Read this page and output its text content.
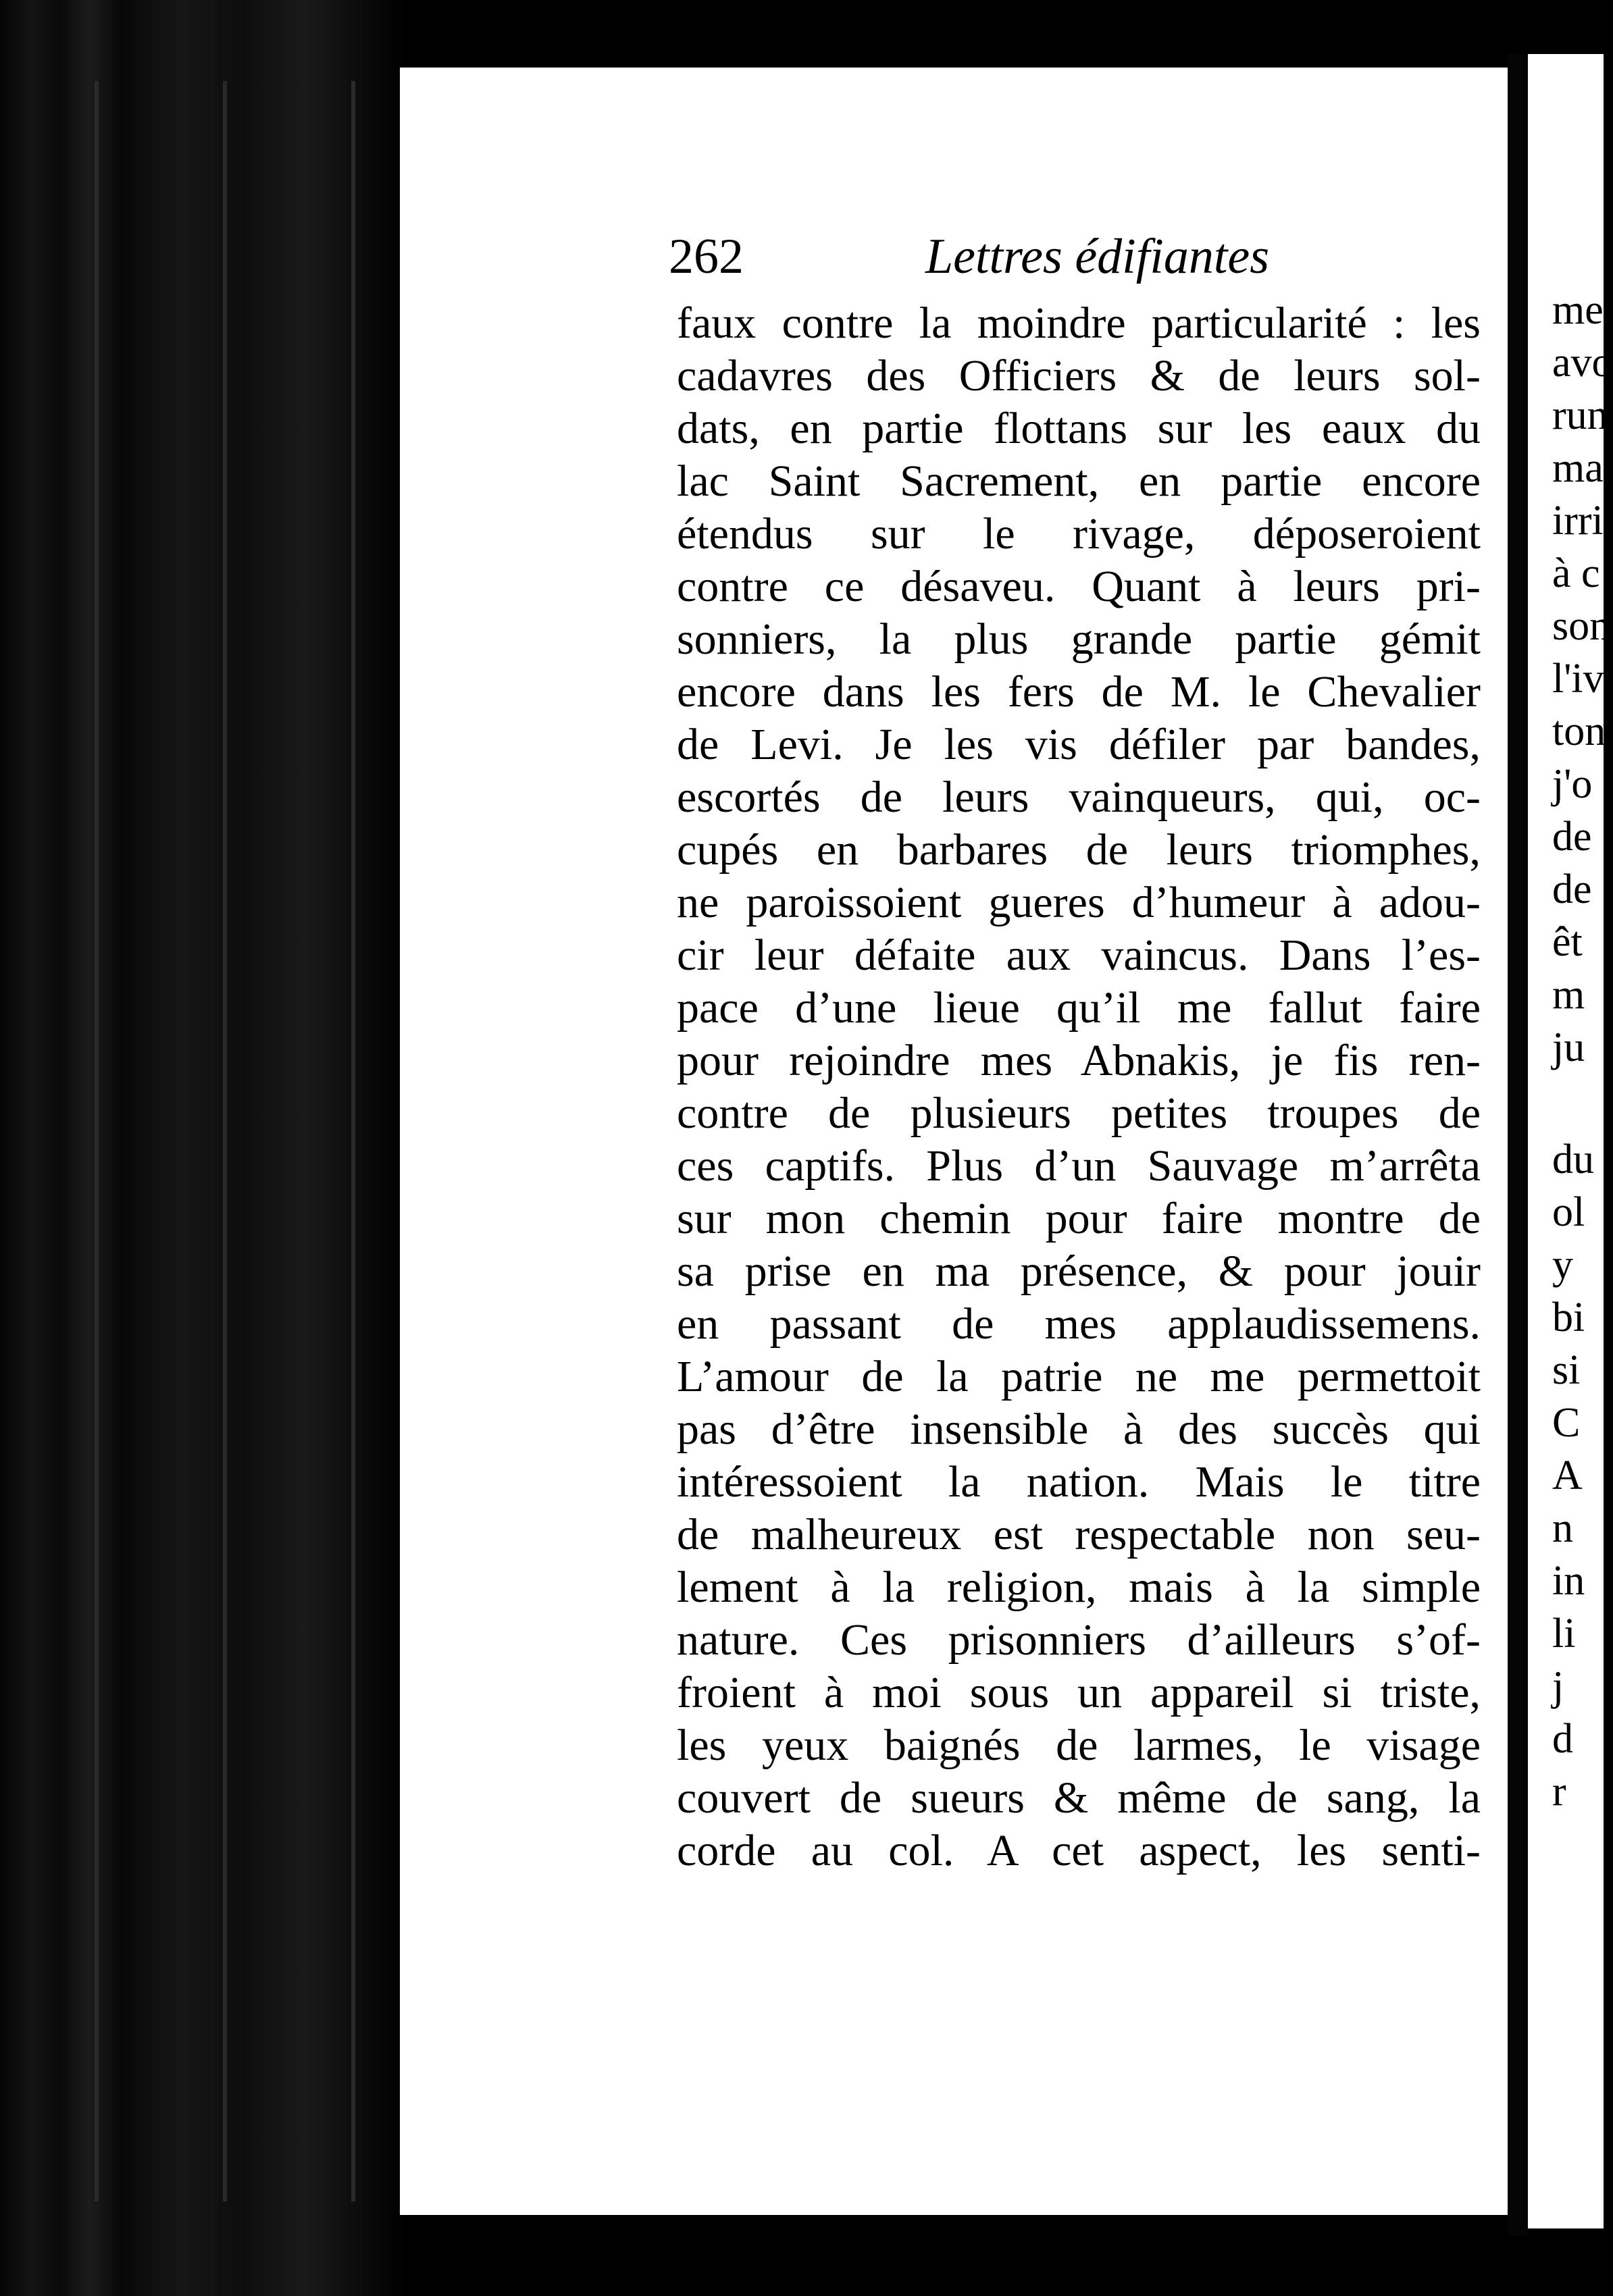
262	Lettres édifiantes
faux contre la moindre particularité : les
cadavres des Officiers & de leurs sol-
dats, en partie flottans sur les eaux du
lac Saint Sacrement, en partie encore
étendus sur le rivage, déposeroient
contre ce désaveu. Quant à leurs pri-
sonniers, la plus grande partie gémit
encore dans les fers de M. le Chevalier
de Levi. Je les vis défiler par bandes,
escortés de leurs vainqueurs, qui, oc-
cupés en barbares de leurs triomphes,
ne paroissoient gueres d’humeur à adou-
cir leur défaite aux vaincus. Dans l’es-
pace d’une lieue qu’il me fallut faire
pour rejoindre mes Abnakis, je fis ren-
contre de plusieurs petites troupes de
ces captifs. Plus d’un Sauvage m’arrêta
sur mon chemin pour faire montre de
sa prise en ma présence, & pour jouir
en passant de mes applaudissemens.
L’amour de la patrie ne me permettoit
pas d’être insensible à des succès qui
intéressoient la nation. Mais le titre
de malheureux est respectable non seu-
lement à la religion, mais à la simple
nature. Ces prisonniers d’ailleurs s’of-
froient à moi sous un appareil si triste,
les yeux baignés de larmes, le visage
couvert de sueurs & même de sang, la
corde au col. A cet aspect, les senti-
me
avo
run
ma
irri
à c
son
l'iv
ton
j'o
de
de
êt
m
ju
du
ol
y
bi
si
C
A
n
in
li
j
d
r
